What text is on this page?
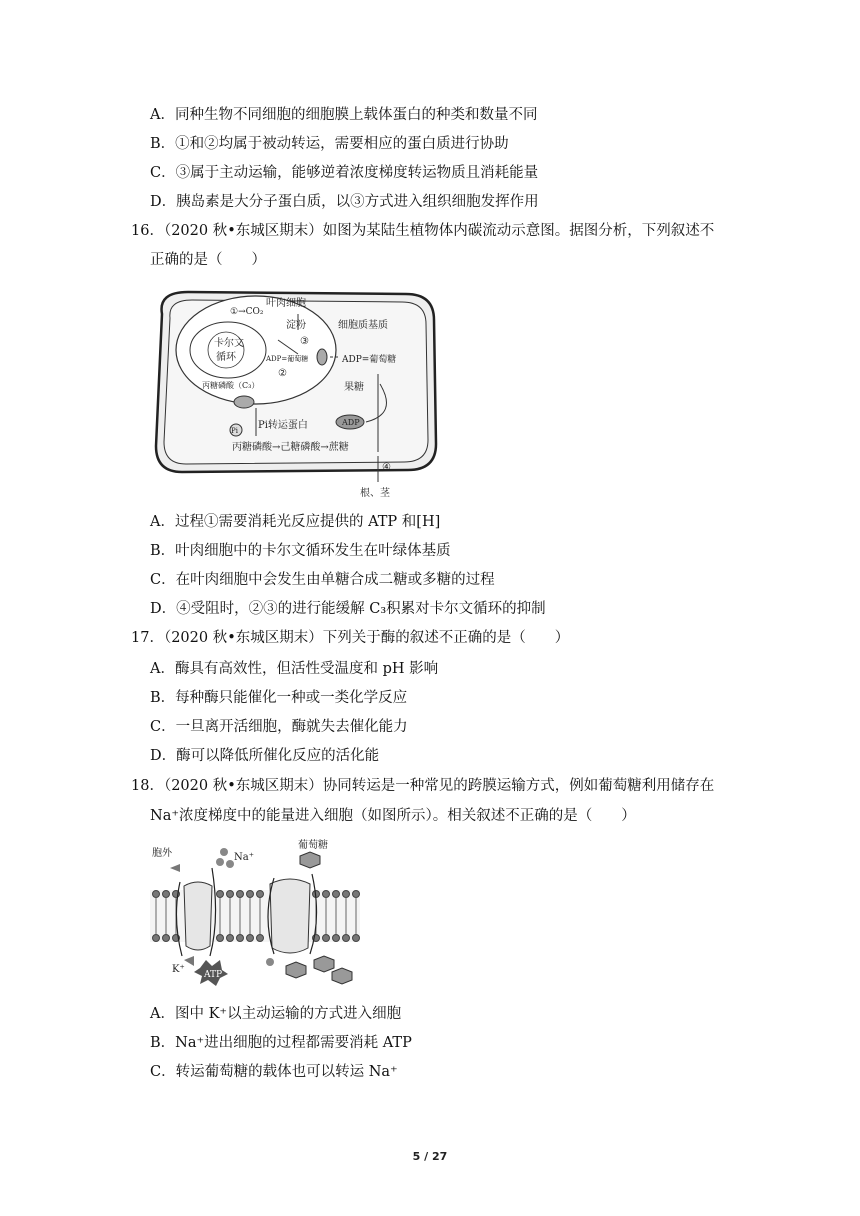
A．同种生物不同细胞的细胞膜上载体蛋白的种类和数量不同
B．①和②均属于被动转运，需要相应的蛋白质进行协助
C．③属于主动运输，能够逆着浓度梯度转运物质且消耗能量
D．胰岛素是大分子蛋白质，以③方式进入组织细胞发挥作用
16．（2020 秋•东城区期末）如图为某陆生植物体内碳流动示意图。据图分析，下列叙述不
正确的是（　　）
叶肉细胞
①→CO₂
淀粉
卡尔文
循环	ADP=葡萄糖
②
③
丙糖磷酸（C₃）
细胞质基质
ADP=葡萄糖
果糖
ADP
Pi Pi转运蛋白
丙糖磷酸→己糖磷酸→蔗糖
④
根、茎
A．过程①需要消耗光反应提供的 ATP 和[H]
B．叶肉细胞中的卡尔文循环发生在叶绿体基质
C．在叶肉细胞中会发生由单糖合成二糖或多糖的过程
D．④受阻时，②③的进行能缓解 C₃积累对卡尔文循环的抑制
17．（2020 秋•东城区期末）下列关于酶的叙述不正确的是（　　）
A．酶具有高效性，但活性受温度和 pH 影响
B．每种酶只能催化一种或一类化学反应
C．一旦离开活细胞，酶就失去催化能力
D．酶可以降低所催化反应的活化能
18．（2020 秋•东城区期末）协同转运是一种常见的跨膜运输方式，例如葡萄糖利用储存在
Na⁺浓度梯度中的能量进入细胞（如图所示）。相关叙述不正确的是（　　）
胞外	Na⁺
葡萄糖
K⁺ ATP
A．图中 K⁺以主动运输的方式进入细胞
B．Na⁺进出细胞的过程都需要消耗 ATP
C．转运葡萄糖的载体也可以转运 Na⁺
5 / 27
